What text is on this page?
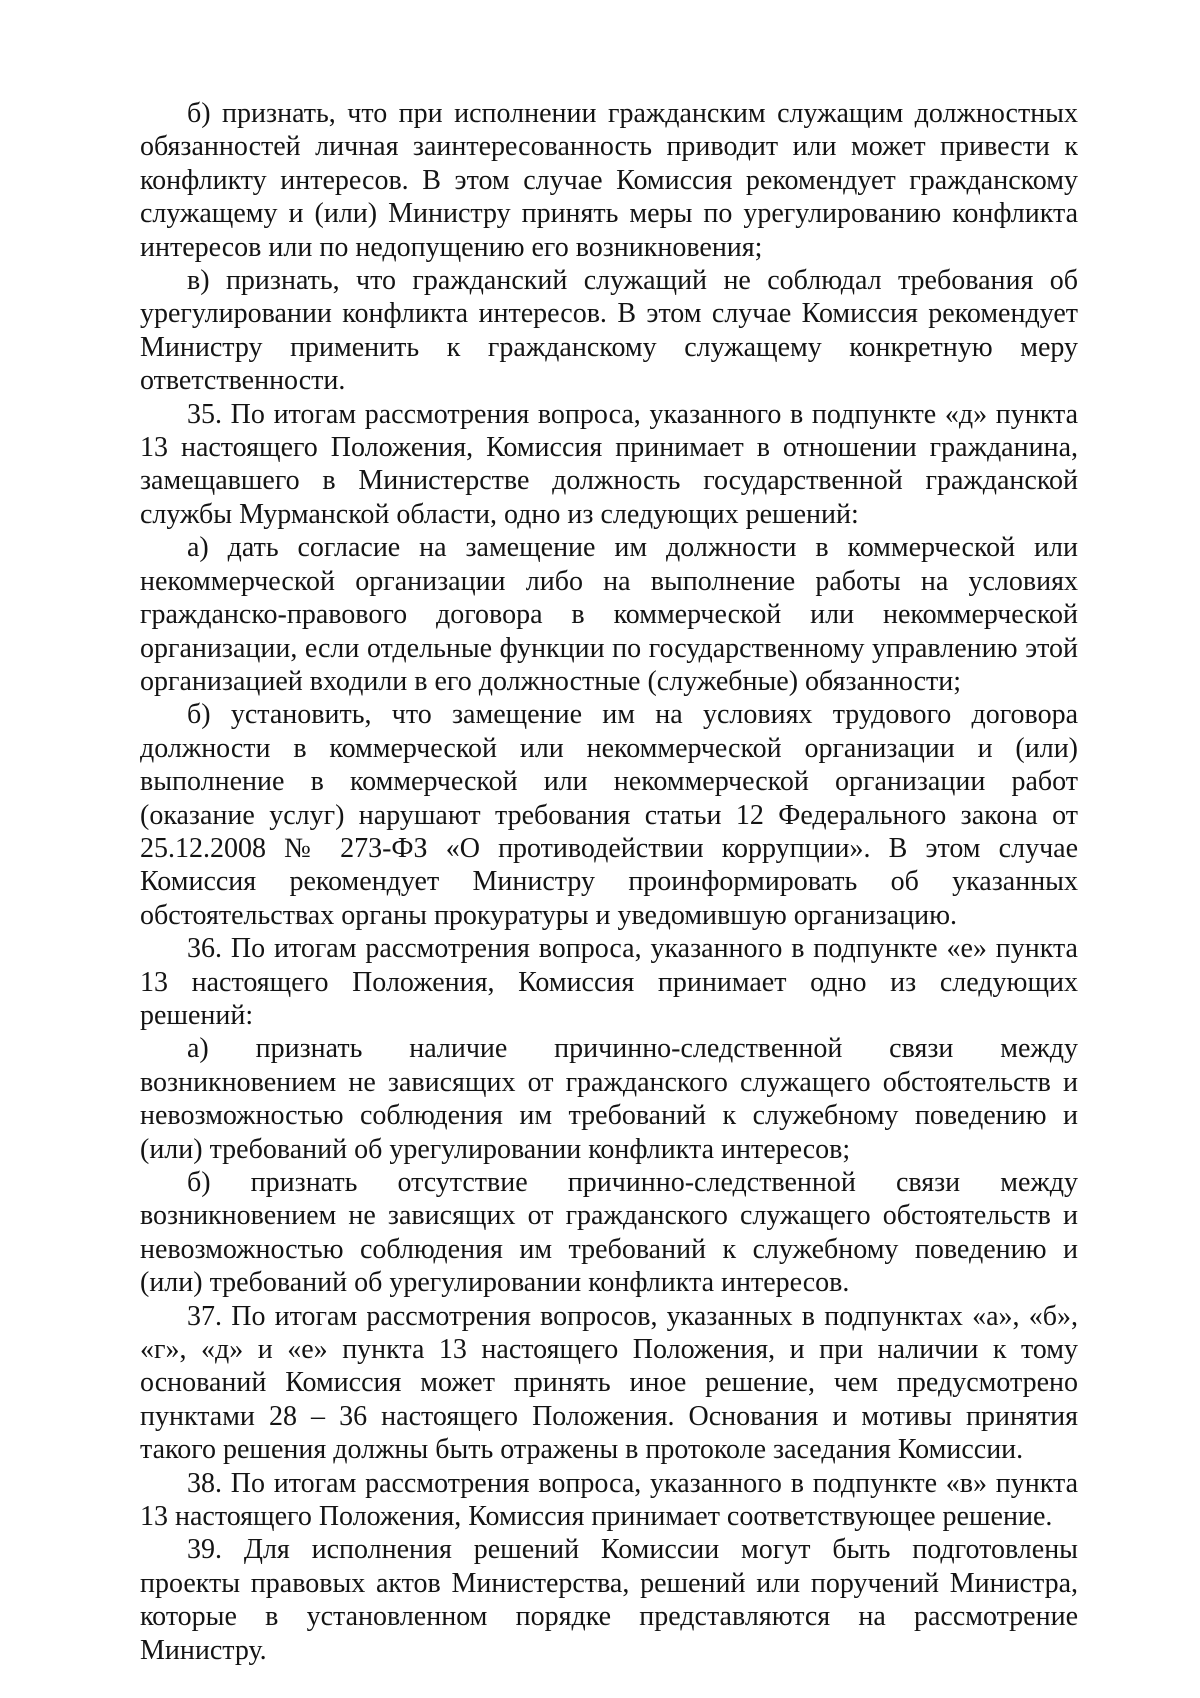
б) признать, что при исполнении гражданским служащим должностных обязанностей личная заинтересованность приводит или может привести к конфликту интересов. В этом случае Комиссия рекомендует гражданскому служащему и (или) Министру принять меры по урегулированию конфликта интересов или по недопущению его возникновения;

в) признать, что гражданский служащий не соблюдал требования об урегулировании конфликта интересов. В этом случае Комиссия рекомендует Министру применить к гражданскому служащему конкретную меру ответственности.

35. По итогам рассмотрения вопроса, указанного в подпункте «д» пункта 13 настоящего Положения, Комиссия принимает в отношении гражданина, замещавшего в Министерстве должность государственной гражданской службы Мурманской области, одно из следующих решений:

а) дать согласие на замещение им должности в коммерческой или некоммерческой организации либо на выполнение работы на условиях гражданско-правового договора в коммерческой или некоммерческой организации, если отдельные функции по государственному управлению этой организацией входили в его должностные (служебные) обязанности;

б) установить, что замещение им на условиях трудового договора должности в коммерческой или некоммерческой организации и (или) выполнение в коммерческой или некоммерческой организации работ (оказание услуг) нарушают требования статьи 12 Федерального закона от 25.12.2008 № 273-ФЗ «О противодействии коррупции». В этом случае Комиссия рекомендует Министру проинформировать об указанных обстоятельствах органы прокуратуры и уведомившую организацию.

36. По итогам рассмотрения вопроса, указанного в подпункте «е» пункта 13 настоящего Положения, Комиссия принимает одно из следующих решений:

а) признать наличие причинно-следственной связи между возникновением не зависящих от гражданского служащего обстоятельств и невозможностью соблюдения им требований к служебному поведению и (или) требований об урегулировании конфликта интересов;

б) признать отсутствие причинно-следственной связи между возникновением не зависящих от гражданского служащего обстоятельств и невозможностью соблюдения им требований к служебному поведению и (или) требований об урегулировании конфликта интересов.

37. По итогам рассмотрения вопросов, указанных в подпунктах «а», «б», «г», «д» и «е» пункта 13 настоящего Положения, и при наличии к тому оснований Комиссия может принять иное решение, чем предусмотрено пунктами 28 – 36 настоящего Положения. Основания и мотивы принятия такого решения должны быть отражены в протоколе заседания Комиссии.

38. По итогам рассмотрения вопроса, указанного в подпункте «в» пункта 13 настоящего Положения, Комиссия принимает соответствующее решение.

39. Для исполнения решений Комиссии могут быть подготовлены проекты правовых актов Министерства, решений или поручений Министра, которые в установленном порядке представляются на рассмотрение Министру.
